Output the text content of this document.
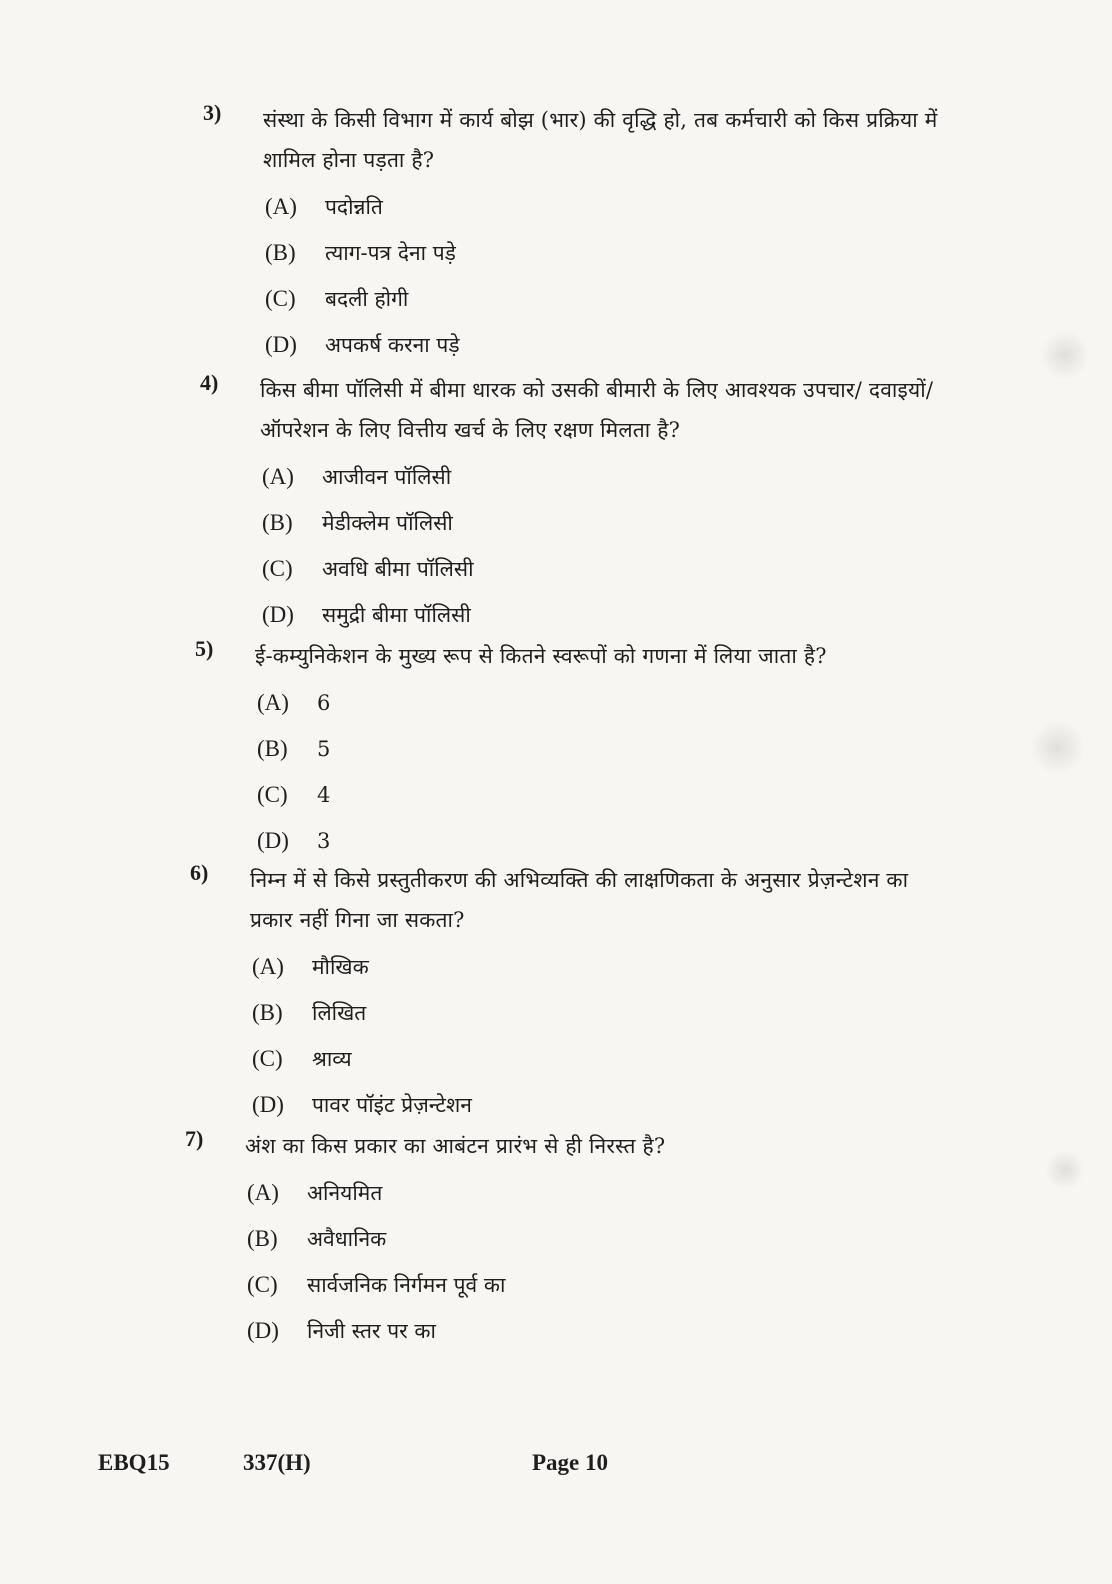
3) संस्था के किसी विभाग में कार्य बोझ (भार) की वृद्धि हो, तब कर्मचारी को किस प्रक्रिया में शामिल होना पड़ता है?
(A) पदोन्नति
(B) त्याग-पत्र देना पड़े
(C) बदली होगी
(D) अपकर्ष करना पड़े
4) किस बीमा पॉलिसी में बीमा धारक को उसकी बीमारी के लिए आवश्यक उपचार/ दवाइयों/ऑपरेशन के लिए वित्तीय खर्च के लिए रक्षण मिलता है?
(A) आजीवन पॉलिसी
(B) मेडीक्लेम पॉलिसी
(C) अवधि बीमा पॉलिसी
(D) समुद्री बीमा पॉलिसी
5) ई-कम्युनिकेशन के मुख्य रूप से कितने स्वरूपों को गणना में लिया जाता है?
(A) 6
(B) 5
(C) 4
(D) 3
6) निम्न में से किसे प्रस्तुतीकरण की अभिव्यक्ति की लाक्षणिकता के अनुसार प्रेज़न्टेशन का प्रकार नहीं गिना जा सकता?
(A) मौखिक
(B) लिखित
(C) श्राव्य
(D) पावर पॉइंट प्रेज़न्टेशन
7) अंश का किस प्रकार का आबंटन प्रारंभ से ही निरस्त है?
(A) अनियमित
(B) अवैधानिक
(C) सार्वजनिक निर्गमन पूर्व का
(D) निजी स्तर पर का
EBQ15	337(H)	Page 10
